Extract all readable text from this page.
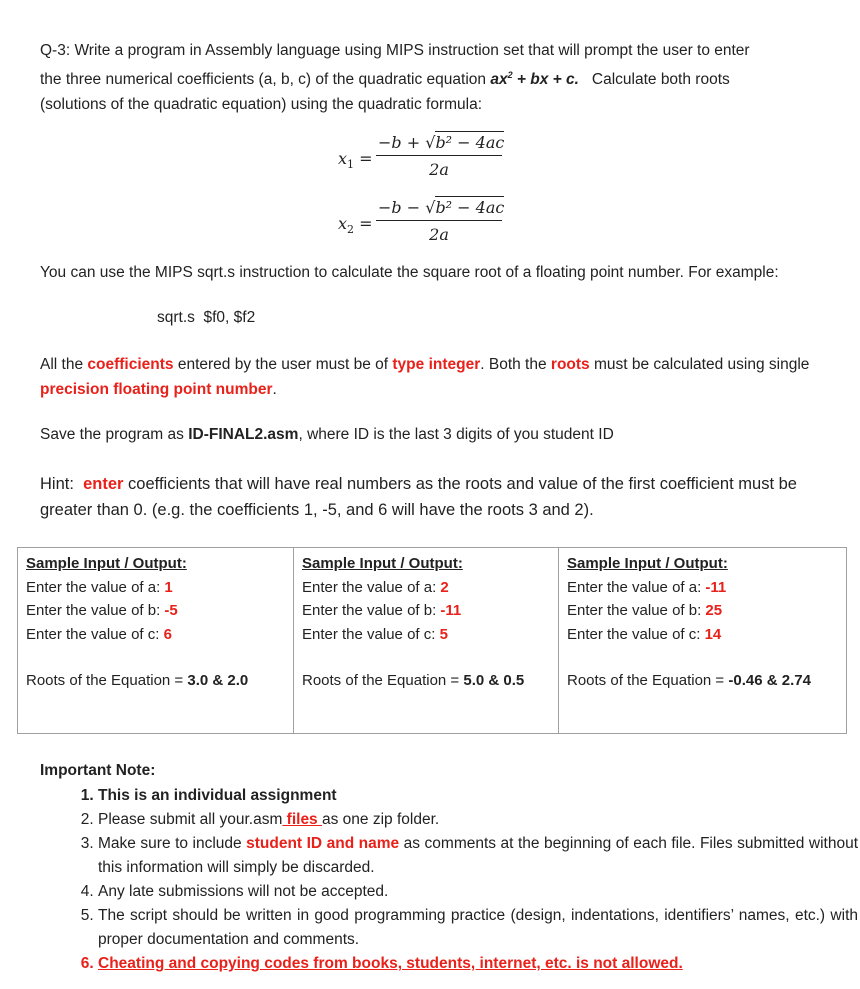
Q-3: Write a program in Assembly language using MIPS instruction set that will prompt the user to enter
the three numerical coefficients (a, b, c) of the quadratic equation $ax^2$ + bx + c.   Calculate both roots
(solutions of the quadratic equation) using the quadratic formula:
$x_1 = \frac{\text{−b + √b² − 4ac}}{2a}$
$x_2 = \frac{\text{−b − √b² − 4ac}}{2a}$
You can use the MIPS sqrt.s instruction to calculate the square root of a floating point number. For example:
sqrt.s  $f0, $f2
All the coefficients entered by the user must be of type integer. Both the roots must be calculated using single precision floating point number.
Save the program as ID-FINAL2.asm, where ID is the last 3 digits of you student ID
Hint:  enter coefficients that will have real numbers as the roots and value of the first coefficient must be greater than 0. (e.g. the coefficients 1, -5, and 6 will have the roots 3 and 2).
Sample Input / Output:
Enter the value of a: 1
Enter the value of b: -5
Enter the value of c: 6
Roots of the Equation = 3.0 & 2.0

Sample Input / Output:
Enter the value of a: 2
Enter the value of b: -11
Enter the value of c: 5
Roots of the Equation = 5.0 & 0.5

Sample Input / Output:
Enter the value of a: -11
Enter the value of b: 25
Enter the value of c: 14
Roots of the Equation = -0.46 & 2.74
Important Note:
1. This is an individual assignment
2. Please submit all your.asm files as one zip folder.
3. Make sure to include student ID and name as comments at the beginning of each file. Files submitted without this information will simply be discarded.
4. Any late submissions will not be accepted.
5. The script should be written in good programming practice (design, indentations, identifiers’ names, etc.) with proper documentation and comments.
6. Cheating and copying codes from books, students, internet, etc. is not allowed.
